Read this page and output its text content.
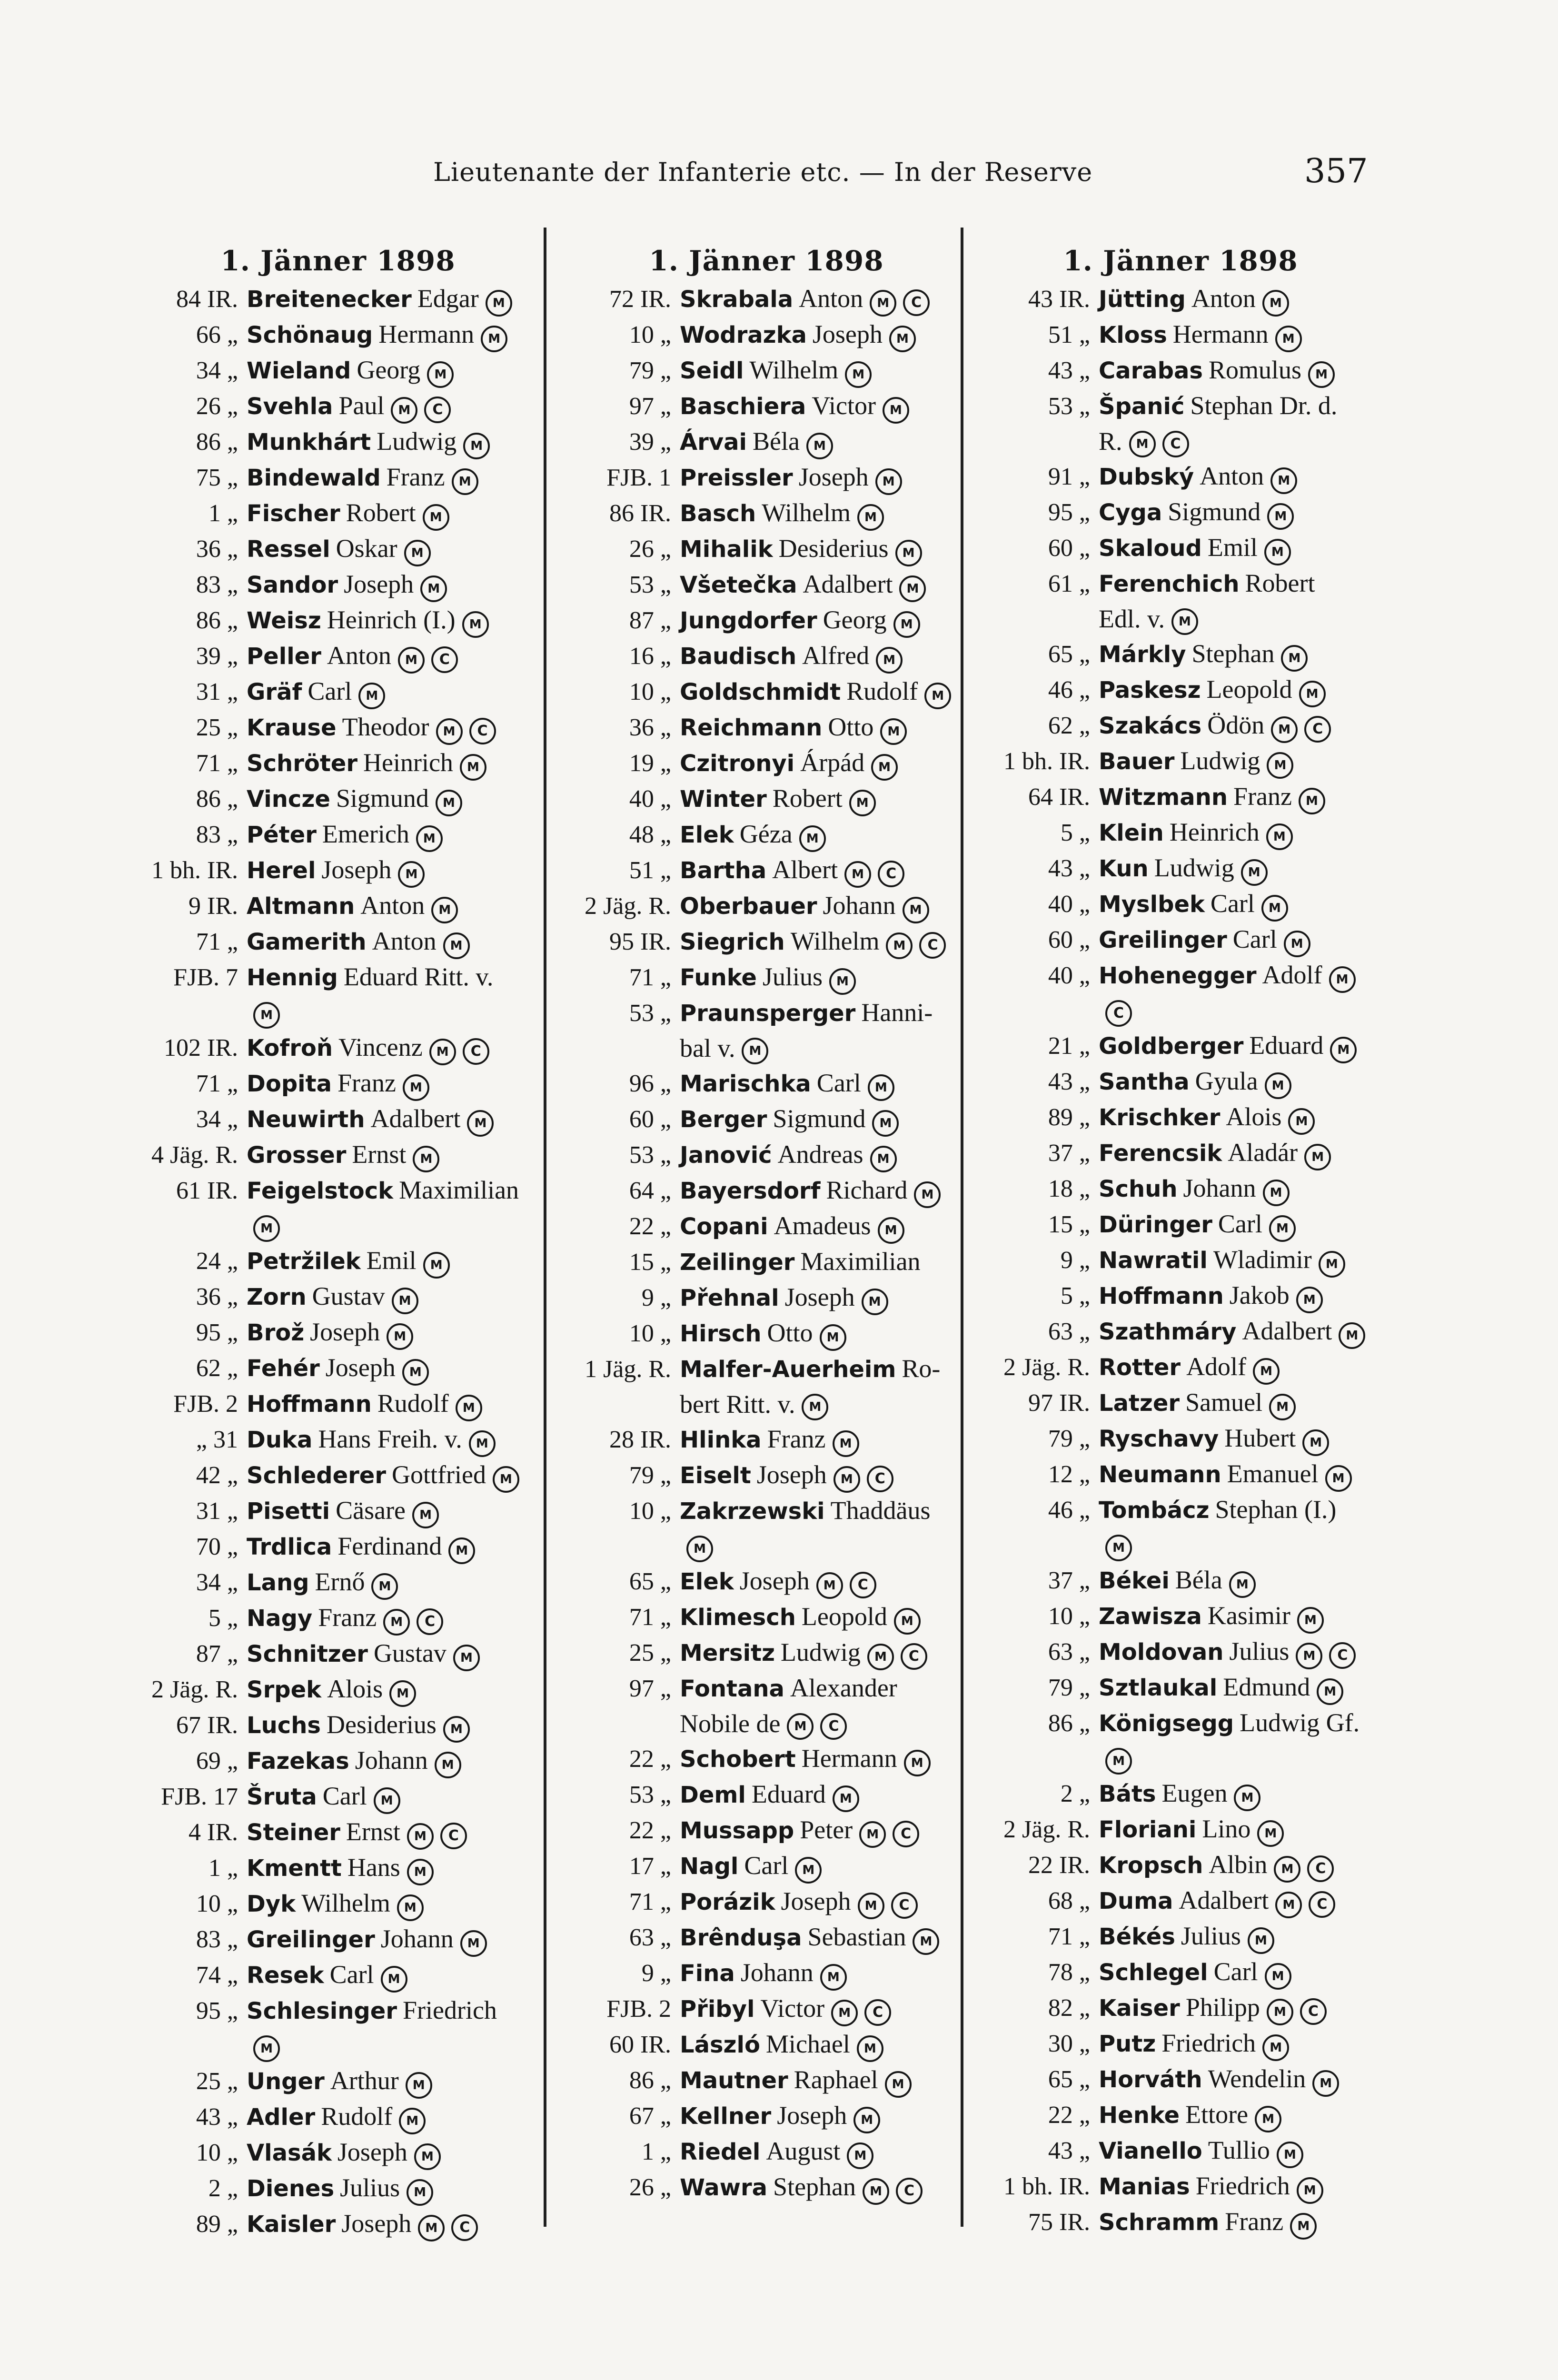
Lieutenante der Infanterie etc. — In der Reserve	357
1. Jänner 1898
84 IR. Breitenecker Edgar	M
66 „ Schönaug Hermann	M
34 „ Wieland Georg	M
26 „ Svehla Paul	M	C
86 „ Munkhárt Ludwig	M
75 „ Bindewald Franz	M
1 „ Fischer Robert	M
36 „ Ressel Oskar	M
83 „ Sandor Joseph	M
86 „ Weisz Heinrich (I.)	M
39 „ Peller Anton	M	C
31 „ Gräf Carl	M
25 „ Krause Theodor	M	C
71 „ Schröter Heinrich	M
86 „ Vincze Sigmund	M
83 „ Péter Emerich	M
1 bh. IR. Herel Joseph	M
9 IR. Altmann Anton	M
71 „ Gamerith Anton	M
FJB. 7 Hennig Eduard Ritt. v.
M
102 IR. Kofroň Vincenz	M	C
71 „ Dopita Franz	M
34 „ Neuwirth Adalbert	M
4 Jäg. R. Grosser Ernst	M
61 IR. Feigelstock Maximilian
M
24 „ Petržilek Emil	M
36 „ Zorn Gustav	M
95 „ Brož Joseph	M
62 „ Fehér Joseph	M
FJB. 2 Hoffmann Rudolf	M
„ 31 Duka Hans Freih. v.	M
42 „ Schlederer Gottfried	M
31 „ Pisetti Cäsare	M
70 „ Trdlica Ferdinand	M
34 „ Lang Ernő	M
5 „ Nagy Franz	M	C
87 „ Schnitzer Gustav	M
2 Jäg. R. Srpek Alois	M
67 IR. Luchs Desiderius	M
69 „ Fazekas Johann	M
FJB. 17 Šruta Carl	M
4 IR. Steiner Ernst	M	C
1 „ Kmentt Hans	M
10 „ Dyk Wilhelm	M
83 „ Greilinger Johann	M
74 „ Resek Carl	M
95 „ Schlesinger Friedrich
M
25 „ Unger Arthur	M
43 „ Adler Rudolf	M
10 „ Vlasák Joseph	M
2 „ Dienes Julius	M
89 „ Kaisler Joseph	M	C
1. Jänner 1898
72 IR. Skrabala Anton	M	C
10 „ Wodrazka Joseph	M
79 „ Seidl Wilhelm	M
97 „ Baschiera Victor	M
39 „ Árvai Béla	M
FJB. 1 Preissler Joseph	M
86 IR. Basch Wilhelm	M
26 „ Mihalik Desiderius	M
53 „ Všetečka Adalbert	M
87 „ Jungdorfer Georg	M
16 „ Baudisch Alfred	M
10 „ Goldschmidt Rudolf	M
36 „ Reichmann Otto	M
19 „ Czitronyi Árpád	M
40 „ Winter Robert	M
48 „ Elek Géza	M
51 „ Bartha Albert	M	C
2 Jäg. R. Oberbauer Johann	M
95 IR. Siegrich Wilhelm	M	C
71 „ Funke Julius	M
53 „ Praunsperger Hanni-
bal v. M
96 „ Marischka Carl	M
60 „ Berger Sigmund	M
53 „ Janović Andreas	M
64 „ Bayersdorf Richard	M
22 „ Copani Amadeus	M
15 „ Zeilinger Maximilian
9 „ Přehnal Joseph	M
10 „ Hirsch Otto	M
1 Jäg. R. Malfer-Auerheim Ro-
bert Ritt. v. M
28 IR. Hlinka Franz	M
79 „ Eiselt Joseph	M	C
10 „ Zakrzewski Thaddäus
M
65 „ Elek Joseph	M	C
71 „ Klimesch Leopold	M
25 „ Mersitz Ludwig	M	C
97 „ Fontana Alexander
Nobile de M C
22 „ Schobert Hermann	M
53 „ Deml Eduard	M
22 „ Mussapp Peter	M	C
17 „ Nagl Carl	M
71 „ Porázik Joseph	M	C
63 „ Brênduşa Sebastian	M
9 „ Fina Johann	M
FJB. 2 Přibyl Victor	M	C
60 IR. László Michael	M
86 „ Mautner Raphael	M
67 „ Kellner Joseph	M
1 „ Riedel August	M
26 „ Wawra Stephan	M	C
1. Jänner 1898
43 IR. Jütting Anton	M
51 „ Kloss Hermann	M
43 „ Carabas Romulus	M
53 „ Španić Stephan Dr. d.
R. M C
91 „ Dubský Anton	M
95 „ Cyga Sigmund	M
60 „ Skaloud Emil	M
61 „ Ferenchich Robert
Edl. v. M
65 „ Márkly Stephan	M
46 „ Paskesz Leopold	M
62 „ Szakács Ödön	M	C
1 bh. IR. Bauer Ludwig	M
64 IR. Witzmann Franz	M
5 „ Klein Heinrich	M
43 „ Kun Ludwig	M
40 „ Myslbek Carl	M
60 „ Greilinger Carl	M
40 „ Hohenegger Adolf	M
C
21 „ Goldberger Eduard	M
43 „ Santha Gyula	M
89 „ Krischker Alois	M
37 „ Ferencsik Aladár	M
18 „ Schuh Johann	M
15 „ Düringer Carl	M
9 „ Nawratil Wladimir	M
5 „ Hoffmann Jakob	M
63 „ Szathmáry Adalbert	M
2 Jäg. R. Rotter Adolf	M
97 IR. Latzer Samuel	M
79 „ Ryschavy Hubert	M
12 „ Neumann Emanuel	M
46 „ Tombácz Stephan (I.)
M
37 „ Békei Béla	M
10 „ Zawisza Kasimir	M
63 „ Moldovan Julius	M	C
79 „ Sztlaukal Edmund	M
86 „ Königsegg Ludwig Gf.
M
2 „ Báts Eugen	M
2 Jäg. R. Floriani Lino	M
22 IR. Kropsch Albin	M	C
68 „ Duma Adalbert	M	C
71 „ Békés Julius	M
78 „ Schlegel Carl	M
82 „ Kaiser Philipp	M	C
30 „ Putz Friedrich	M
65 „ Horváth Wendelin	M
22 „ Henke Ettore	M
43 „ Vianello Tullio	M
1 bh. IR. Manias Friedrich	M
75 IR. Schramm Franz	M
